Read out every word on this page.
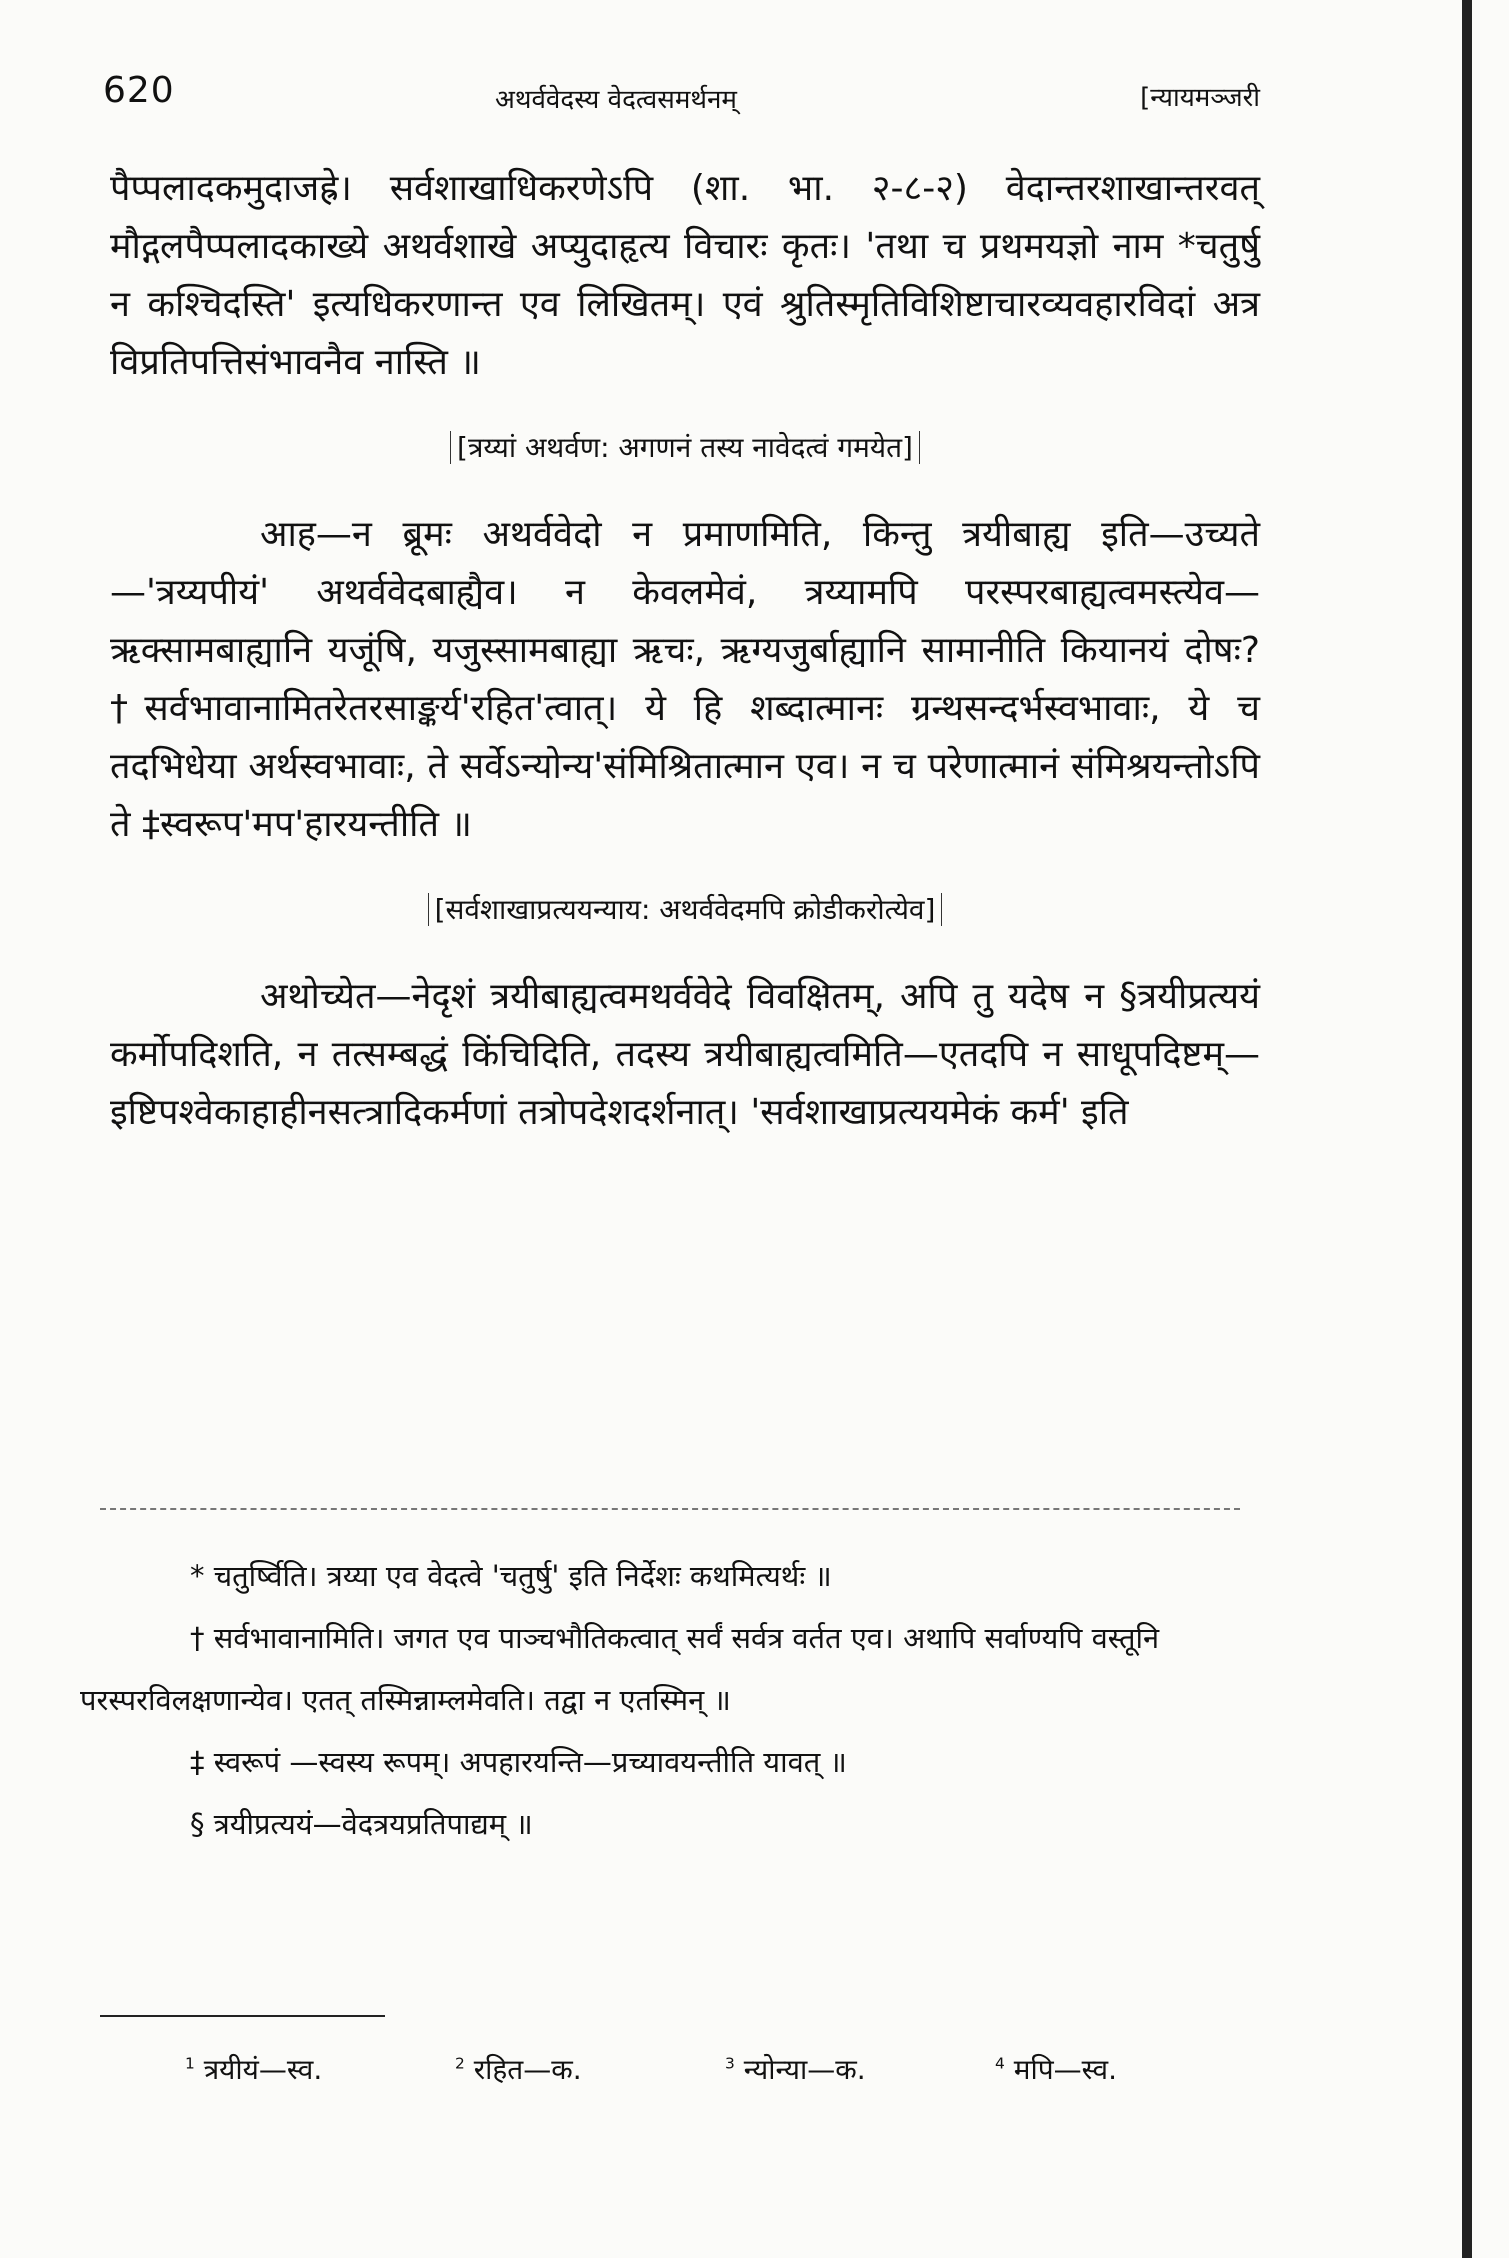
620	अथर्ववेदस्य वेदत्वसमर्थनम्	[न्यायमञ्जरी

पैप्पलादकमुदाजह्रे। सर्वशाखाधिकरणेऽपि (शा. भा. २-८-२) वेदान्तरशाखान्तरवत् मौद्गलपैप्पलादकाख्ये अथर्वशाखे अप्युदाहृत्य विचारः कृतः। 'तथा च प्रथमयज्ञो नाम *चतुर्षु न कश्चिदस्ति' इत्यधिकरणान्त एव लिखितम्। एवं श्रुतिस्मृतिविशिष्टाचारव्यवहारविदां अत्र विप्रतिपत्तिसंभावनैव नास्ति ॥

[त्रय्यां अथर्वण: अगणनं तस्य नावेदत्वं गमयेत]

आह—न ब्रूमः अथर्ववेदो न प्रमाणमिति, किन्तु त्रयीबाह्य इति—उच्यते—'त्रय्यपीयं' अथर्ववेदबाह्यैव। न केवलमेवं, त्रय्यामपि परस्परबाह्यत्वमस्त्येव—ऋक्सामबाह्यानि यजूंषि, यजुस्सामबाह्या ऋचः, ऋग्यजुर्बाह्यानि सामानीति कियानयं दोषः? †सर्वभावानामितरेतरसाङ्कर्य'रहित'त्वात्। ये हि शब्दात्मानः ग्रन्थसन्दर्भस्वभावाः, ये च तदभिधेया अर्थस्वभावाः, ते सर्वेऽन्योन्य'संमिश्रितात्मान एव। न च परेणात्मानं संमिश्रयन्तोऽपि ते ‡स्वरूप'मप'हारयन्तीति ॥

[सर्वशाखाप्रत्ययन्याय: अथर्ववेदमपि क्रोडीकरोत्येव]

अथोच्येत—नेदृशं त्रयीबाह्यत्वमथर्ववेदे विवक्षितम्, अपि तु यदेष न §त्रयीप्रत्ययं कर्मोपदिशति, न तत्सम्बद्धं किंचिदिति, तदस्य त्रयीबाह्यत्वमिति—एतदपि न साधूपदिष्टम्—इष्टिपश्वेकाहाहीनसत्त्रादिकर्मणां तत्रोपदेशदर्शनात्। 'सर्वशाखाप्रत्ययमेकं कर्म' इति

* चतुर्ष्विति। त्रय्या एव वेदत्वे 'चतुर्षु' इति निर्देशः कथमित्यर्थः ॥

† सर्वभावानामिति। जगत एव पाञ्चभौतिकत्वात् सर्वं सर्वत्र वर्तत एव। अथापि सर्वाण्यपि वस्तूनि परस्परविलक्षणान्येव। एतत् तस्मिन्नाम्लमेवति। तद्वा न एतस्मिन् ॥

‡ स्वरूपं —स्वस्य रूपम्। अपहारयन्ति—प्रच्यावयन्तीति यावत् ॥

§ त्रयीप्रत्ययं—वेदत्रयप्रतिपाद्यम् ॥

$^1$ त्रयीयं—स्व.	$^2$ रहित—क.	$^3$ न्योन्या—क.	$^4$ मपि—स्व.
